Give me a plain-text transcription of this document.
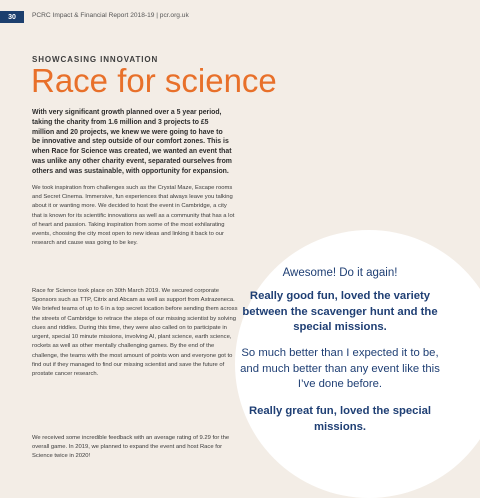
30	PCRC Impact & Financial Report 2018-19 | pcr.org.uk
SHOWCASING INNOVATION
Race for science

With very significant growth planned over a 5 year period, taking the charity from 1.6 million and 3 projects to £5 million and 20 projects, we knew we were going to have to be innovative and step outside of our comfort zones. This is when Race for Science was created, we wanted an event that was unlike any other charity event, separated ourselves from others and was sustainable, with opportunity for expansion.

We took inspiration from challenges such as the Crystal Maze, Escape rooms and Secret Cinema. Immersive, fun experiences that always leave you talking about it or wanting more. We decided to host the event in Cambridge, a city that is known for its scientific innovations as well as a community that has a lot of heart and passion. Taking inspiration from some of the most exhilarating events, choosing the city most open to new ideas and linking it back to our research and cause was going to be key.

Race for Science took place on 30th March 2019. We secured corporate Sponsors such as TTP, Citrix and Abcam as well as support from Astrazeneca. We briefed teams of up to 6 in a top secret location before sending them across the streets of Cambridge to retrace the steps of our missing scientist by solving clues and riddles. During this time, they were also called on to participate in urgent, special 10 minute missions, involving AI, plant science, earth science, rockets as well as other mentally challenging games. By the end of the challenge, the teams with the most amount of points won and everyone got to find out if they managed to find our missing scientist and save the future of prostate cancer research.

We received some incredible feedback with an average rating of 9.29 for the overall game. In 2019, we planned to expand the event and host Race for Science twice in 2020!

Awesome! Do it again!
Really good fun, loved the variety between the scavenger hunt and the special missions.
So much better than I expected it to be, and much better than any event like this I’ve done before.
Really great fun, loved the special missions.
